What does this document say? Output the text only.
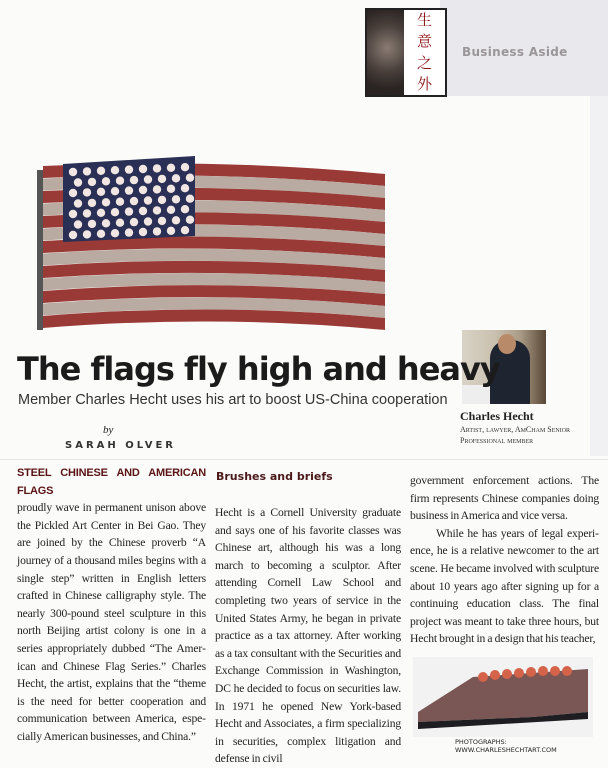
生
意
之
外
Business Aside
Charles Hecht
Artist, lawyer, AmCham Senior Professional member
The flags fly high and heavy
Member Charles Hecht uses his art to boost US-China cooperation
by
SARAH OLVER

STEEL CHINESE AND AMERICAN FLAGS
proudly wave in permanent unison above the Pickled Art Center in Bei Gao. They are joined by the Chinese proverb “A journey of a thousand miles begins with a single step” written in English letters crafted in Chinese calligraphy style. The nearly 300-pound steel sculpture in this north Beijing artist colony is one in a series appropriately dubbed “The American and Chinese Flag Series.” Charles Hecht, the artist, explains that the “theme is the need for better cooperation and communication between America, especially American businesses, and China.”

Brushes and briefs

Hecht is a Cornell University graduate and says one of his favorite classes was Chinese art, although his was a long march to becoming a sculptor. After attending Cornell Law School and completing two years of service in the United States Army, he began in private practice as a tax attorney. After working as a tax consultant with the Securities and Exchange Commission in Washington, DC he decided to focus on securities law. In 1971 he opened New York-based Hecht and Associates, a firm specializing in securities, complex litigation and defense in civil

government enforcement actions. The firm represents Chinese companies doing business in America and vice versa.

While he has years of legal experience, he is a relative newcomer to the art scene. He became involved with sculpture about 10 years ago after signing up for a continuing education class. The final project was meant to take three hours, but Hecht brought in a design that his teacher,

PHOTOGRAPHS: WWW.CHARLESHECHTART.COM
